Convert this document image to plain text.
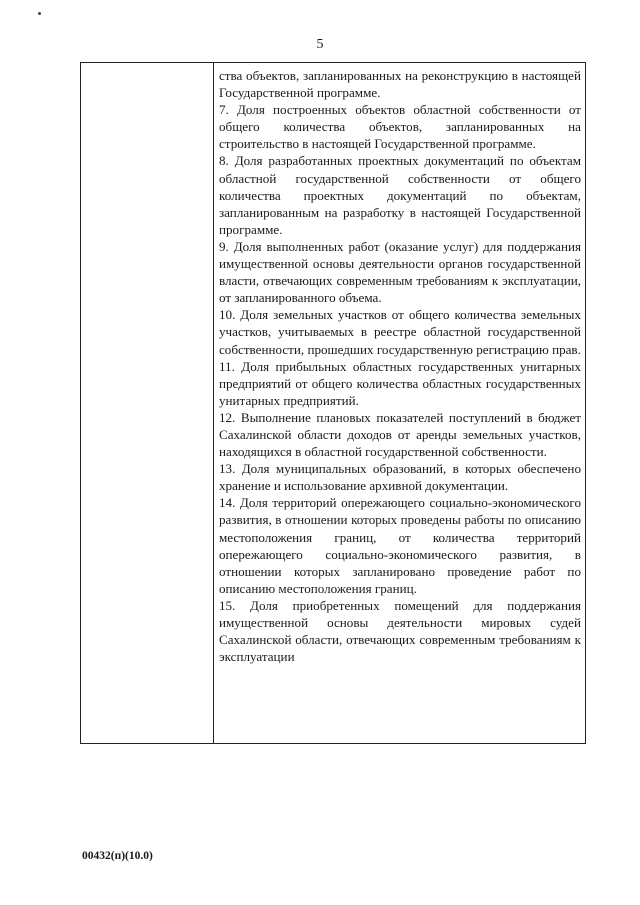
5

ства объектов, запланированных на реконструкцию в настоящей Государственной программе.

7. Доля построенных объектов областной собственности от общего количества объектов, запланированных на строительство в настоящей Государственной программе.

8. Доля разработанных проектных документаций по объектам областной государственной собственности от общего количества проектных документаций по объектам, запланированным на разработку в настоящей Государственной программе.

9. Доля выполненных работ (оказание услуг) для поддержания имущественной основы деятельности органов государственной власти, отвечающих современным требованиям к эксплуатации, от запланированного объема.

10. Доля земельных участков от общего количества земельных участков, учитываемых в реестре областной государственной собственности, прошедших государственную регистрацию прав.

11. Доля прибыльных областных государственных унитарных предприятий от общего количества областных государственных унитарных предприятий.

12. Выполнение плановых показателей поступлений в бюджет Сахалинской области доходов от аренды земельных участков, находящихся в областной государственной собственности.

13. Доля муниципальных образований, в которых обеспечено хранение и использование архивной документации.

14. Доля территорий опережающего социально-экономического развития, в отношении которых проведены работы по описанию местоположения границ, от количества территорий опережающего социально-экономического развития, в отношении которых запланировано проведение работ по описанию местоположения границ.

15. Доля приобретенных помещений для поддержания имущественной основы деятельности мировых судей Сахалинской области, отвечающих современным требованиям к эксплуатации

00432(п)(10.0)
